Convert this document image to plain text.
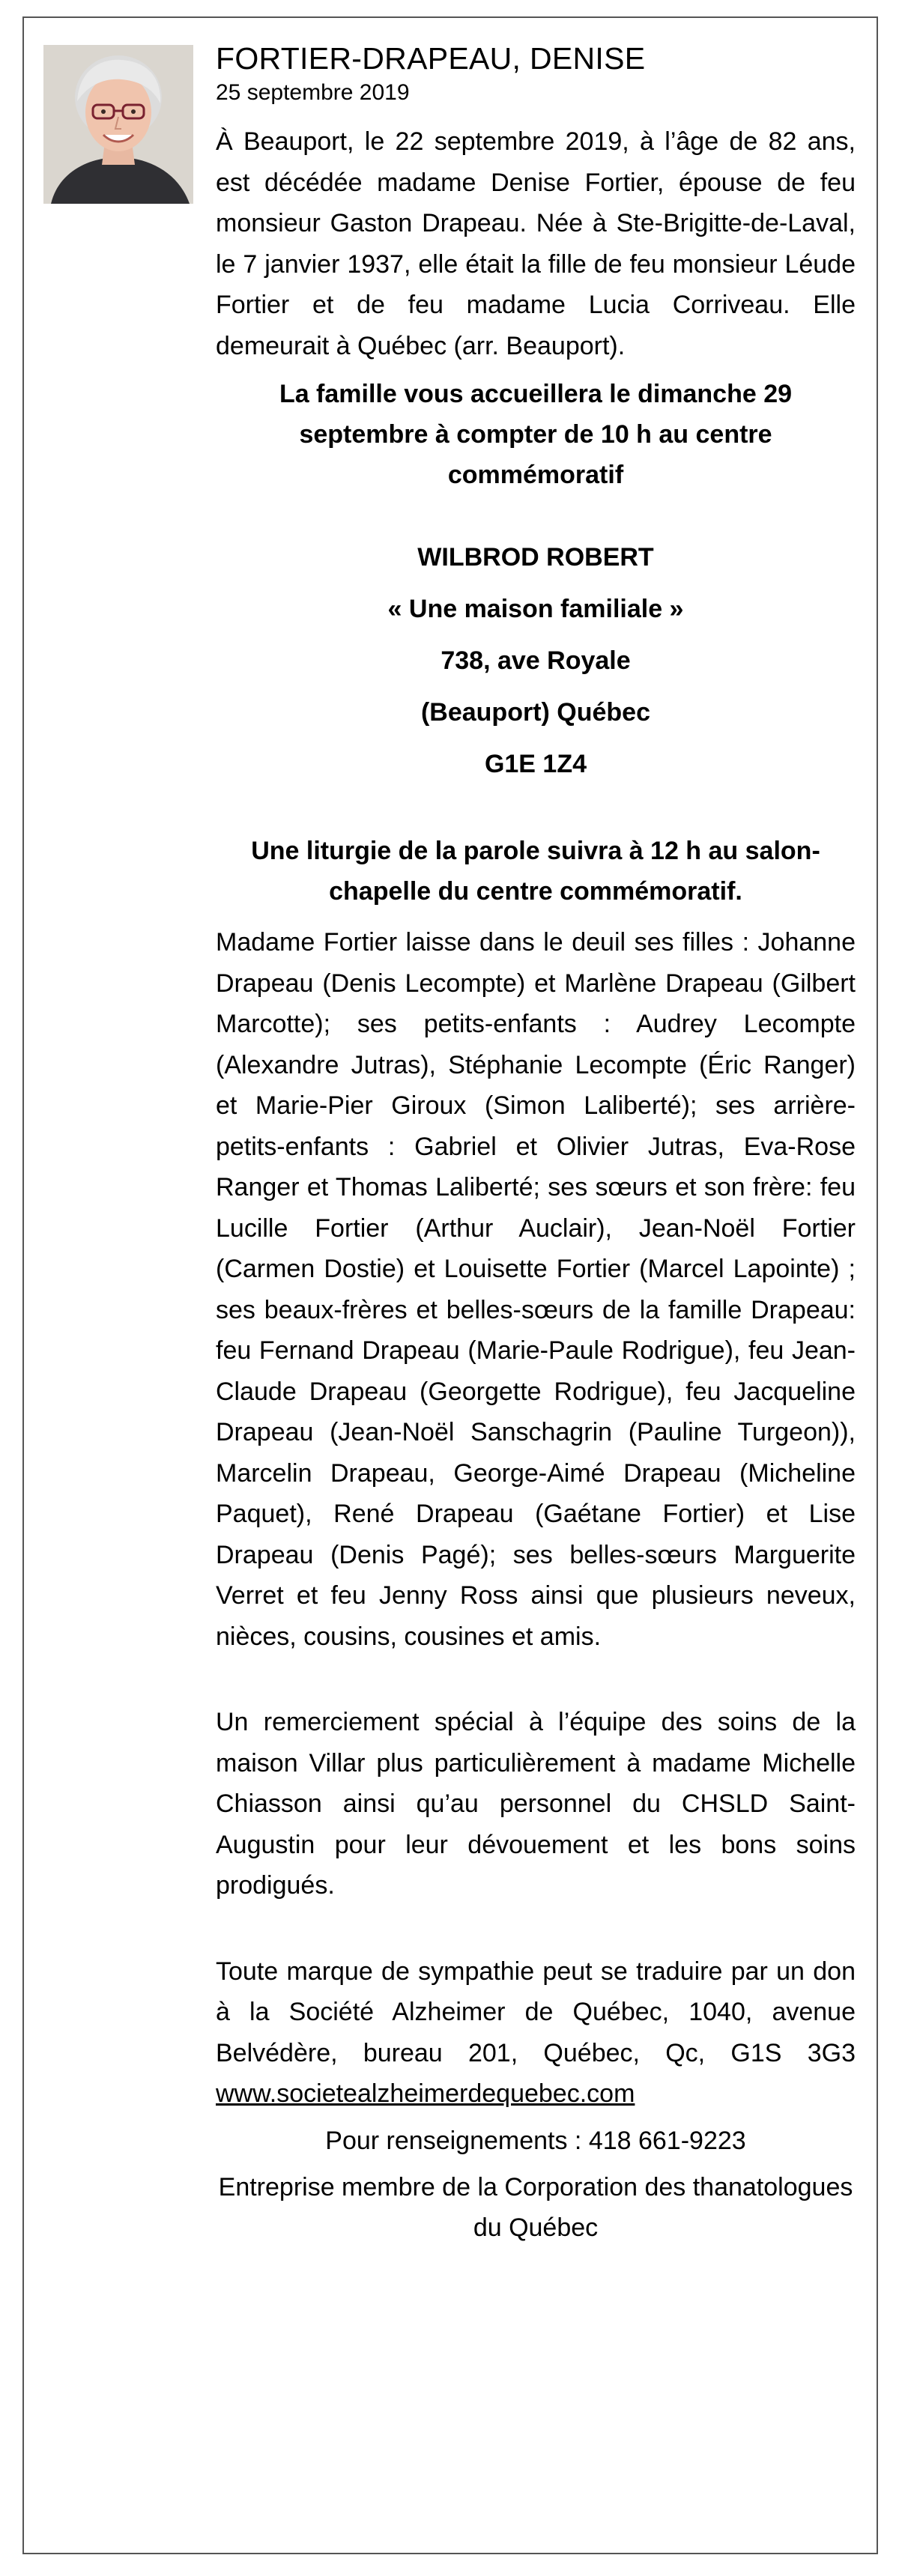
FORTIER-DRAPEAU, DENISE
25 septembre 2019

À Beauport, le 22 septembre 2019, à l’âge de 82 ans, est décédée madame Denise Fortier, épouse de feu monsieur Gaston Drapeau. Née à Ste-Brigitte-de-Laval, le 7 janvier 1937, elle était la fille de feu monsieur Léude Fortier et de feu madame Lucia Corriveau. Elle demeurait à Québec (arr. Beauport).

La famille vous accueillera le dimanche 29 septembre à compter de 10 h au centre commémoratif

WILBROD ROBERT

« Une maison familiale »

738, ave Royale

(Beauport) Québec

G1E 1Z4

Une liturgie de la parole suivra à 12 h au salon-chapelle du centre commémoratif.

Madame Fortier laisse dans le deuil ses filles : Johanne Drapeau (Denis Lecompte) et Marlène Drapeau (Gilbert Marcotte); ses petits-enfants : Audrey Lecompte (Alexandre Jutras), Stéphanie Lecompte (Éric Ranger) et Marie-Pier Giroux (Simon Laliberté); ses arrière-petits-enfants : Gabriel et Olivier Jutras, Eva-Rose Ranger et Thomas Laliberté; ses sœurs et son frère: feu Lucille Fortier (Arthur Auclair), Jean-Noël Fortier (Carmen Dostie) et Louisette Fortier (Marcel Lapointe) ; ses beaux-frères et belles-sœurs de la famille Drapeau: feu Fernand Drapeau (Marie-Paule Rodrigue), feu Jean-Claude Drapeau (Georgette Rodrigue), feu Jacqueline Drapeau (Jean-Noël Sanschagrin (Pauline Turgeon)), Marcelin Drapeau, George-Aimé Drapeau (Micheline Paquet), René Drapeau (Gaétane Fortier) et Lise Drapeau (Denis Pagé); ses belles-sœurs Marguerite Verret et feu Jenny Ross ainsi que plusieurs neveux, nièces, cousins, cousines et amis.

Un remerciement spécial à l’équipe des soins de la maison Villar plus particulièrement à madame Michelle Chiasson ainsi qu’au personnel du CHSLD Saint-Augustin pour leur dévouement et les bons soins prodigués.

Toute marque de sympathie peut se traduire par un don à la Société Alzheimer de Québec, 1040, avenue Belvédère, bureau 201, Québec, Qc, G1S 3G3 www.societealzheimerdequebec.com

Pour renseignements : 418 661-9223

Entreprise membre de la Corporation des thanatologues du Québec
